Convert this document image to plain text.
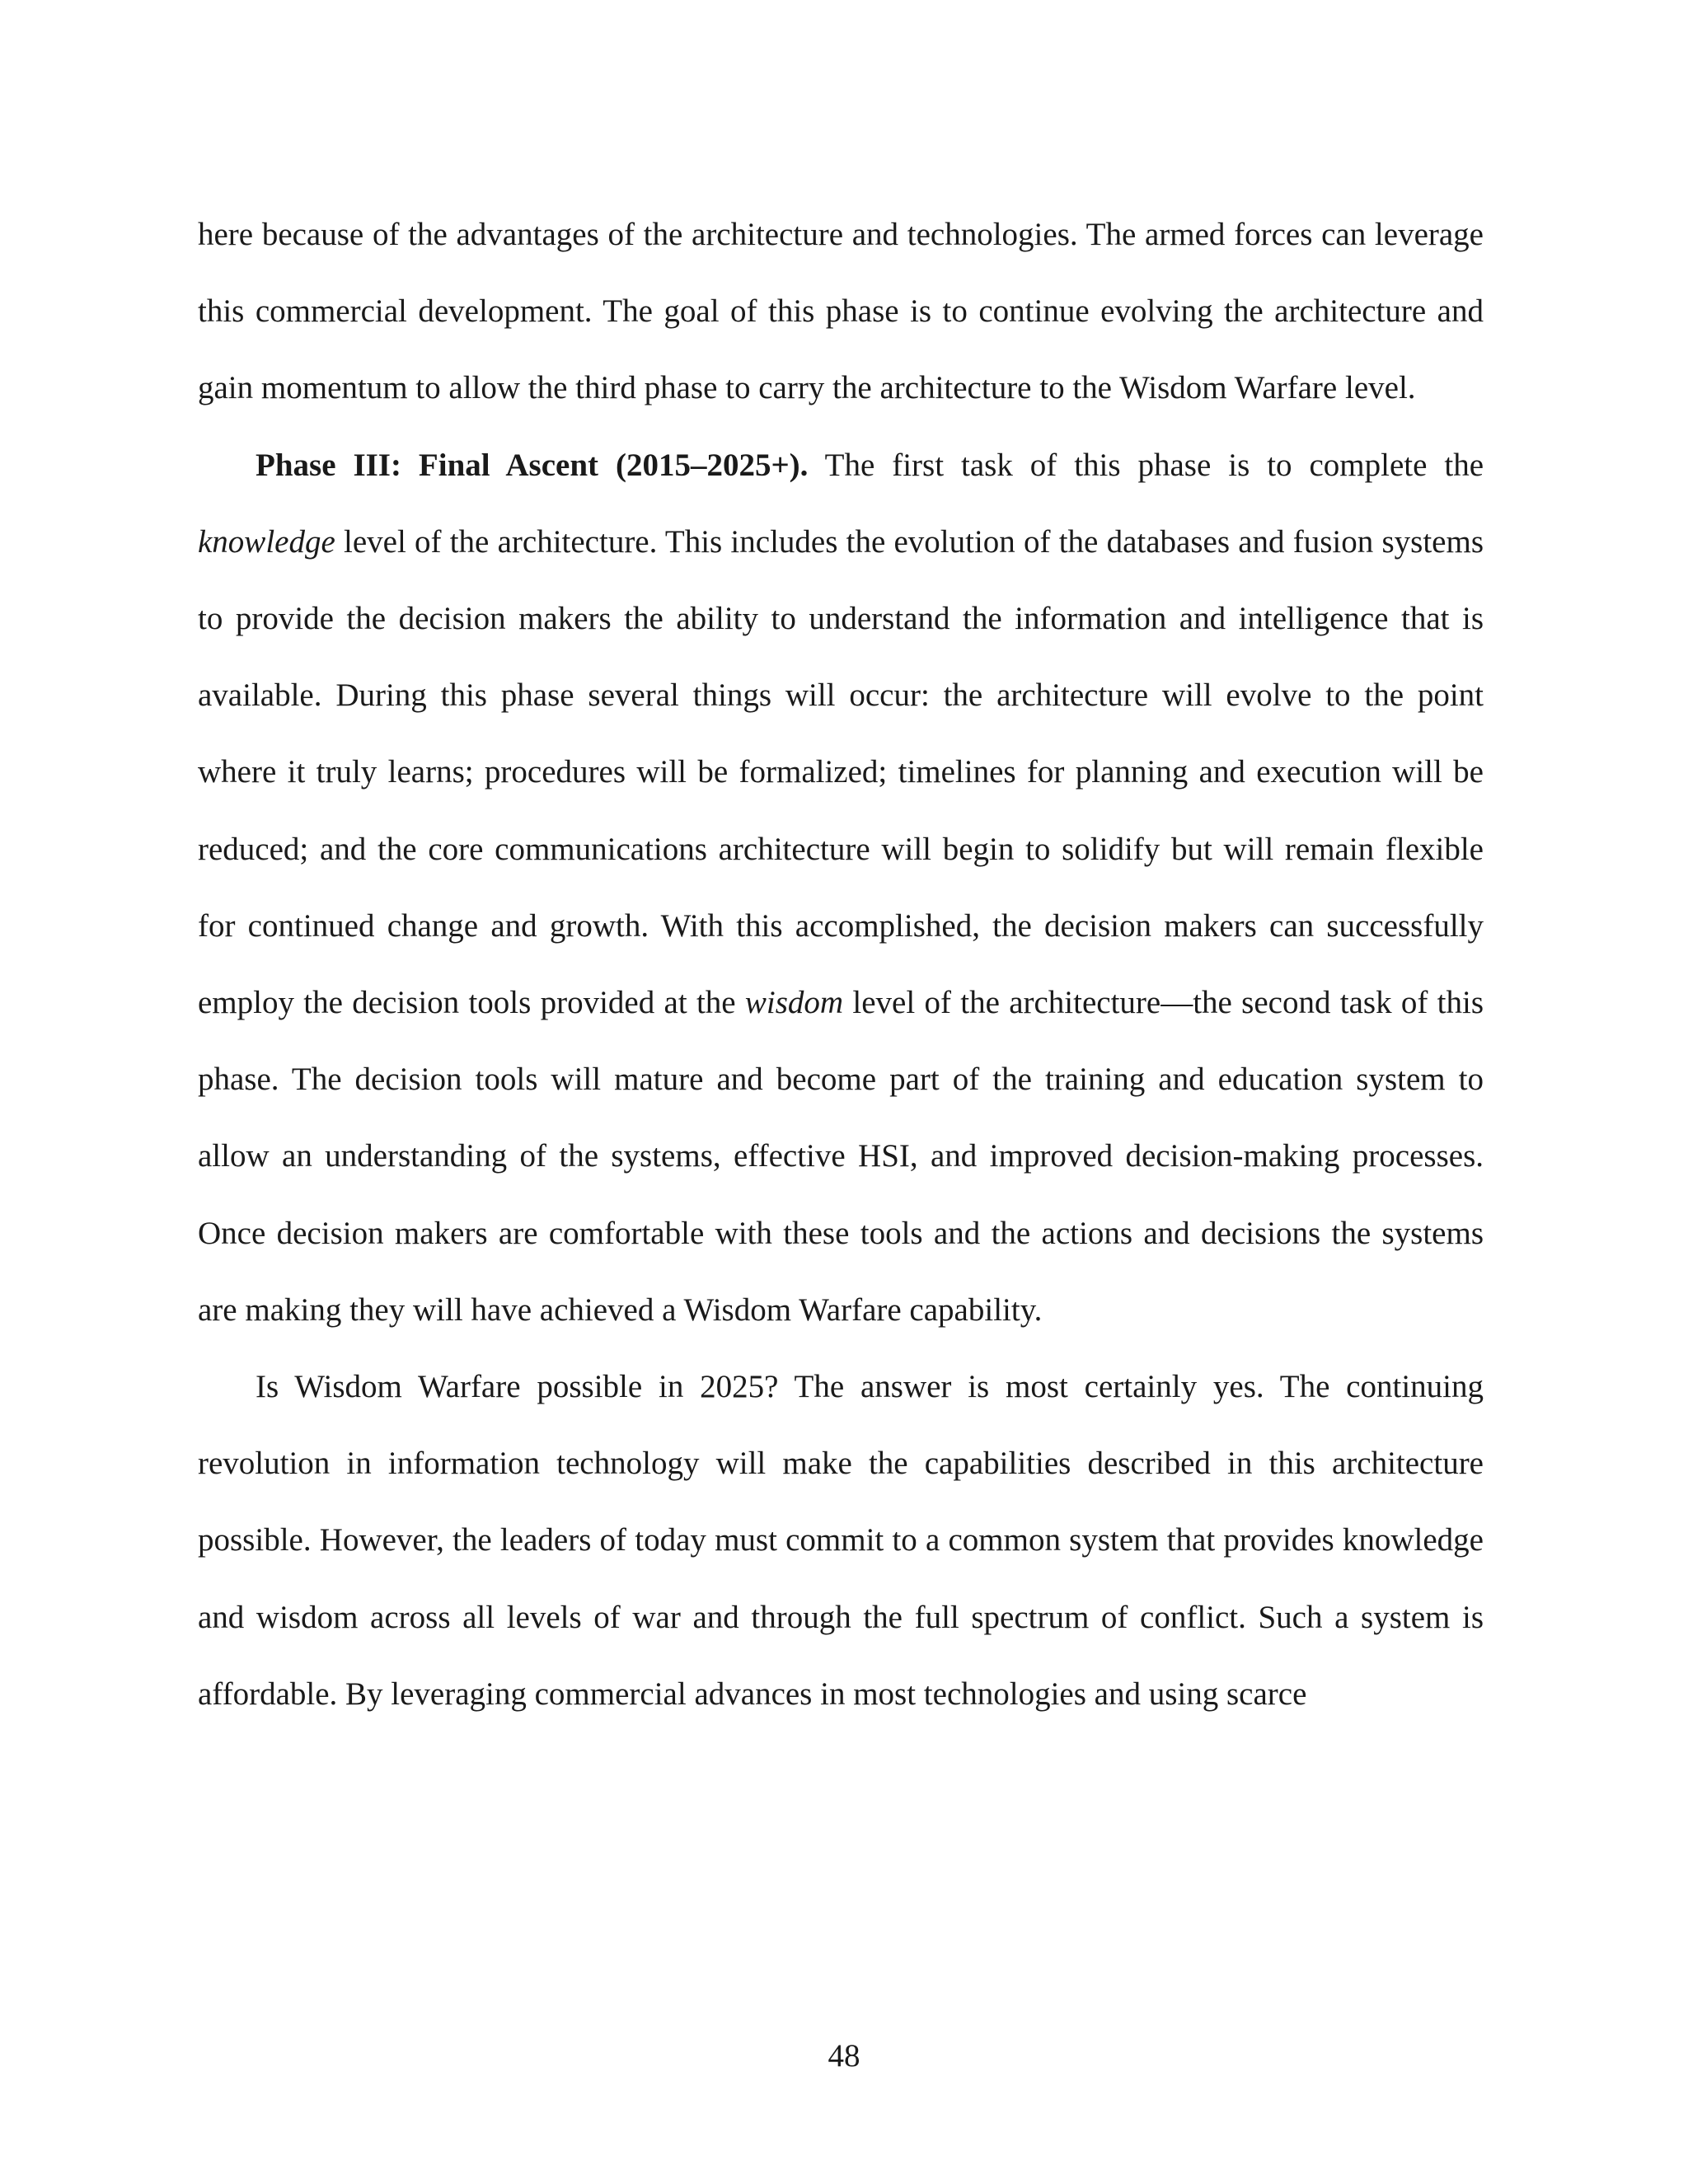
here because of the advantages of the architecture and technologies. The armed forces can leverage this commercial development. The goal of this phase is to continue evolving the architecture and gain momentum to allow the third phase to carry the architecture to the Wisdom Warfare level.

Phase III: Final Ascent (2015–2025+). The first task of this phase is to complete the knowledge level of the architecture. This includes the evolution of the databases and fusion systems to provide the decision makers the ability to understand the information and intelligence that is available. During this phase several things will occur: the architecture will evolve to the point where it truly learns; procedures will be formalized; timelines for planning and execution will be reduced; and the core communications architecture will begin to solidify but will remain flexible for continued change and growth. With this accomplished, the decision makers can successfully employ the decision tools provided at the wisdom level of the architecture—the second task of this phase. The decision tools will mature and become part of the training and education system to allow an understanding of the systems, effective HSI, and improved decision-making processes. Once decision makers are comfortable with these tools and the actions and decisions the systems are making they will have achieved a Wisdom Warfare capability.

Is Wisdom Warfare possible in 2025? The answer is most certainly yes. The continuing revolution in information technology will make the capabilities described in this architecture possible. However, the leaders of today must commit to a common system that provides knowledge and wisdom across all levels of war and through the full spectrum of conflict. Such a system is affordable. By leveraging commercial advances in most technologies and using scarce

48
